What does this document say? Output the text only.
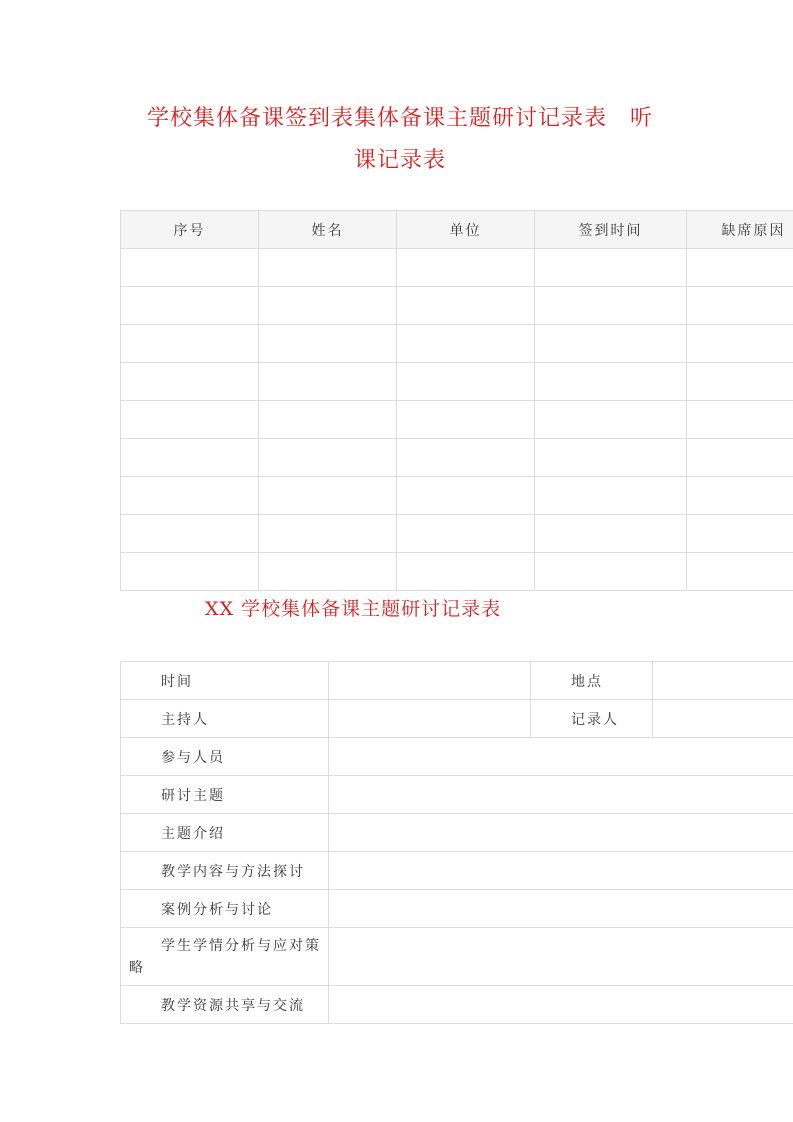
学校集体备课签到表集体备课主题研讨记录表　听
课记录表
序号	姓名	单位	签到时间	缺席原因

XX 学校集体备课主题研讨记录表
时间		地点	
主持人		记录人	
参与人员			
研讨主题			
主题介绍			
教学内容与方法探讨			
案例分析与讨论			

学生学情分析与应对策
略			
教学资源共享与交流			
